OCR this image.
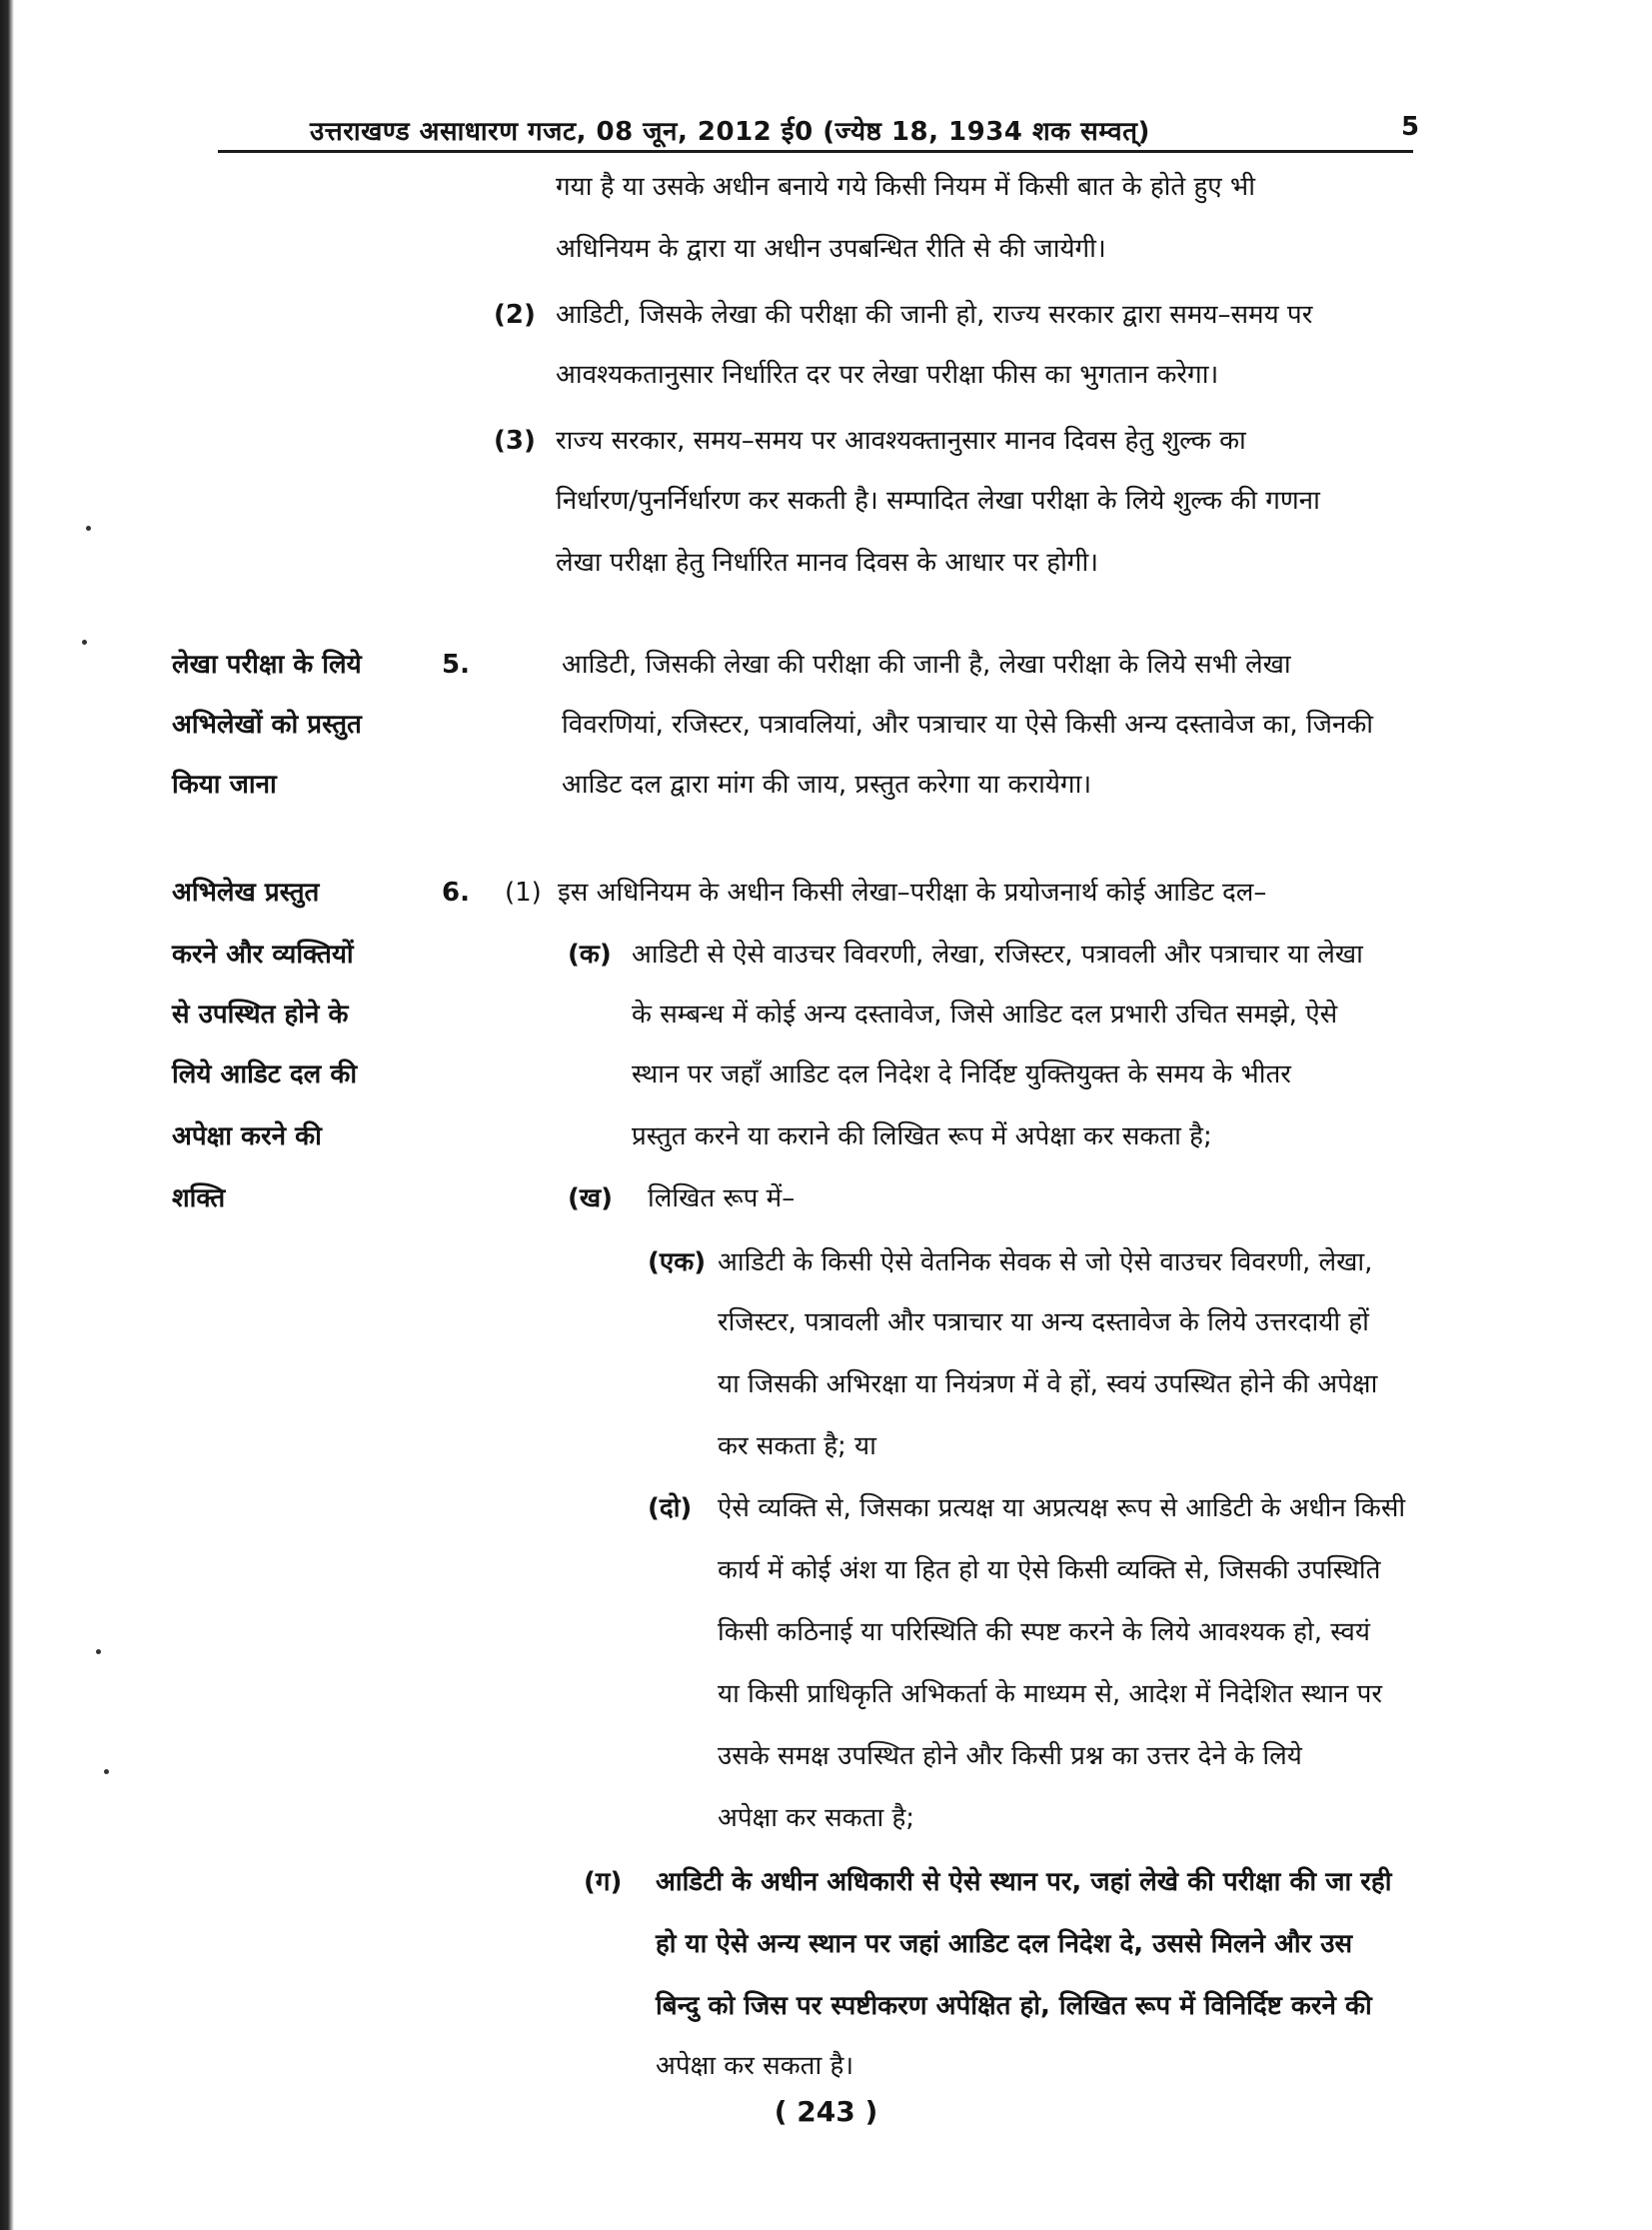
उत्तराखण्ड असाधारण गजट, 08 जून, 2012 ई0 (ज्येष्ठ 18, 1934 शक सम्वत्)	5
गया है या उसके अधीन बनाये गये किसी नियम में किसी बात के होते हुए भी
अधिनियम के द्वारा या अधीन उपबन्धित रीति से की जायेगी।
(2) आडिटी, जिसके लेखा की परीक्षा की जानी हो, राज्य सरकार द्वारा समय–समय पर
आवश्यकतानुसार निर्धारित दर पर लेखा परीक्षा फीस का भुगतान करेगा।
(3) राज्य सरकार, समय–समय पर आवश्यक्तानुसार मानव दिवस हेतु शुल्क का
निर्धारण/पुनर्निर्धारण कर सकती है। सम्पादित लेखा परीक्षा के लिये शुल्क की गणना
लेखा परीक्षा हेतु निर्धारित मानव दिवस के आधार पर होगी।
लेखा परीक्षा के लिये
अभिलेखों को प्रस्तुत
किया जाना
5.	आडिटी, जिसकी लेखा की परीक्षा की जानी है, लेखा परीक्षा के लिये सभी लेखा
विवरणियां, रजिस्टर, पत्रावलियां, और पत्राचार या ऐसे किसी अन्य दस्तावेज का, जिनकी
आडिट दल द्वारा मांग की जाय, प्रस्तुत करेगा या करायेगा।
अभिलेख प्रस्तुत
करने और व्यक्तियों
से उपस्थित होने के
लिये आडिट दल की
अपेक्षा करने की
शक्ति
6. (1) इस अधिनियम के अधीन किसी लेखा–परीक्षा के प्रयोजनार्थ कोई आडिट दल–
(क) आडिटी से ऐसे वाउचर विवरणी, लेखा, रजिस्टर, पत्रावली और पत्राचार या लेखा
के सम्बन्ध में कोई अन्य दस्तावेज, जिसे आडिट दल प्रभारी उचित समझे, ऐसे
स्थान पर जहाँ आडिट दल निदेश दे निर्दिष्ट युक्तियुक्त के समय के भीतर
प्रस्तुत करने या कराने की लिखित रूप में अपेक्षा कर सकता है;
(ख) लिखित रूप में–
(एक) आडिटी के किसी ऐसे वेतनिक सेवक से जो ऐसे वाउचर विवरणी, लेखा,
रजिस्टर, पत्रावली और पत्राचार या अन्य दस्तावेज के लिये उत्तरदायी हों
या जिसकी अभिरक्षा या नियंत्रण में वे हों, स्वयं उपस्थित होने की अपेक्षा
कर सकता है; या
(दो) ऐसे व्यक्ति से, जिसका प्रत्यक्ष या अप्रत्यक्ष रूप से आडिटी के अधीन किसी
कार्य में कोई अंश या हित हो या ऐसे किसी व्यक्ति से, जिसकी उपस्थिति
किसी कठिनाई या परिस्थिति की स्पष्ट करने के लिये आवश्यक हो, स्वयं
या किसी प्राधिकृति अभिकर्ता के माध्यम से, आदेश में निदेशित स्थान पर
उसके समक्ष उपस्थित होने और किसी प्रश्न का उत्तर देने के लिये
अपेक्षा कर सकता है;
(ग) आडिटी के अधीन अधिकारी से ऐसे स्थान पर, जहां लेखे की परीक्षा की जा रही
हो या ऐसे अन्य स्थान पर जहां आडिट दल निदेश दे, उससे मिलने और उस
बिन्दु को जिस पर स्पष्टीकरण अपेक्षित हो, लिखित रूप में विनिर्दिष्ट करने की
अपेक्षा कर सकता है।
( 243 )
